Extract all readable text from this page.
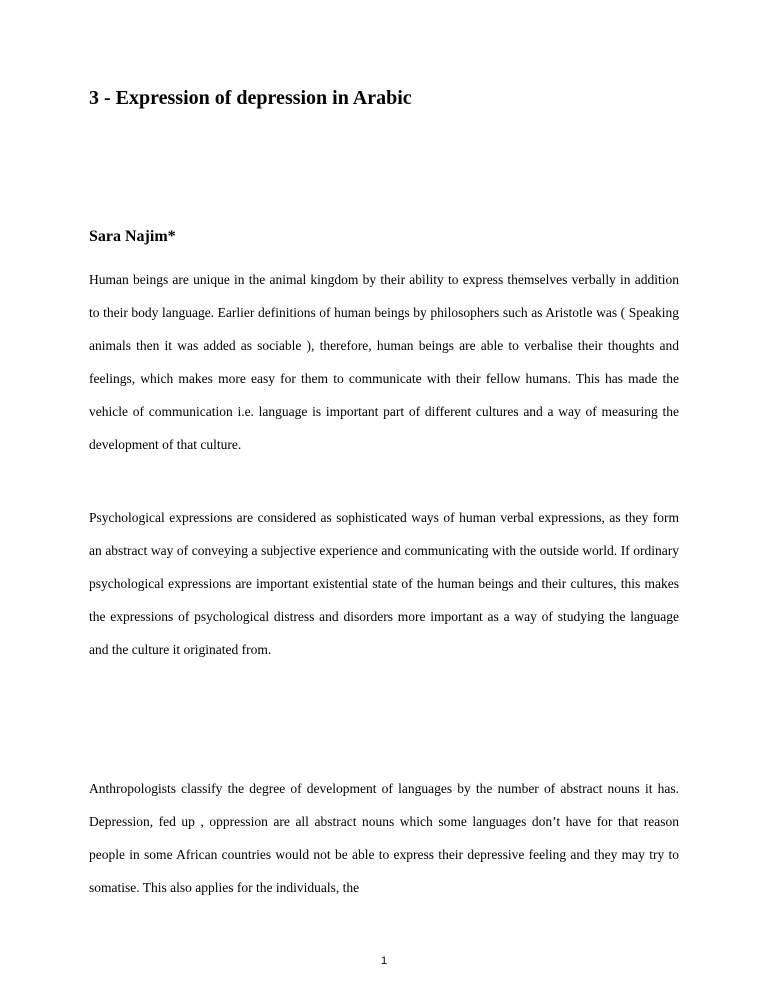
3 - Expression of depression in Arabic
Sara Najim*

Human beings are unique in the animal kingdom by their ability to express themselves verbally in addition to their body language. Earlier definitions of human beings by philosophers such as Aristotle was ( Speaking animals then it was added as sociable ), therefore, human beings are able to verbalise their thoughts and feelings, which makes more easy for them to communicate with their fellow humans. This has made the vehicle of communication i.e. language is important part of different cultures and a way of measuring the development of that culture.

Psychological expressions are considered as sophisticated ways of human verbal expressions, as they form an abstract way of conveying a subjective experience and communicating with the outside world. If ordinary psychological expressions are important existential state of the human beings and their cultures, this makes the expressions of psychological distress and disorders more important as a way of studying the language and the culture it originated from.

Anthropologists classify the degree of development of languages by the number of abstract nouns it has. Depression, fed up , oppression are all abstract nouns which some languages don’t have for that reason people in some African countries would not be able to express their depressive feeling and they may try to somatise. This also applies for the individuals, the

1
